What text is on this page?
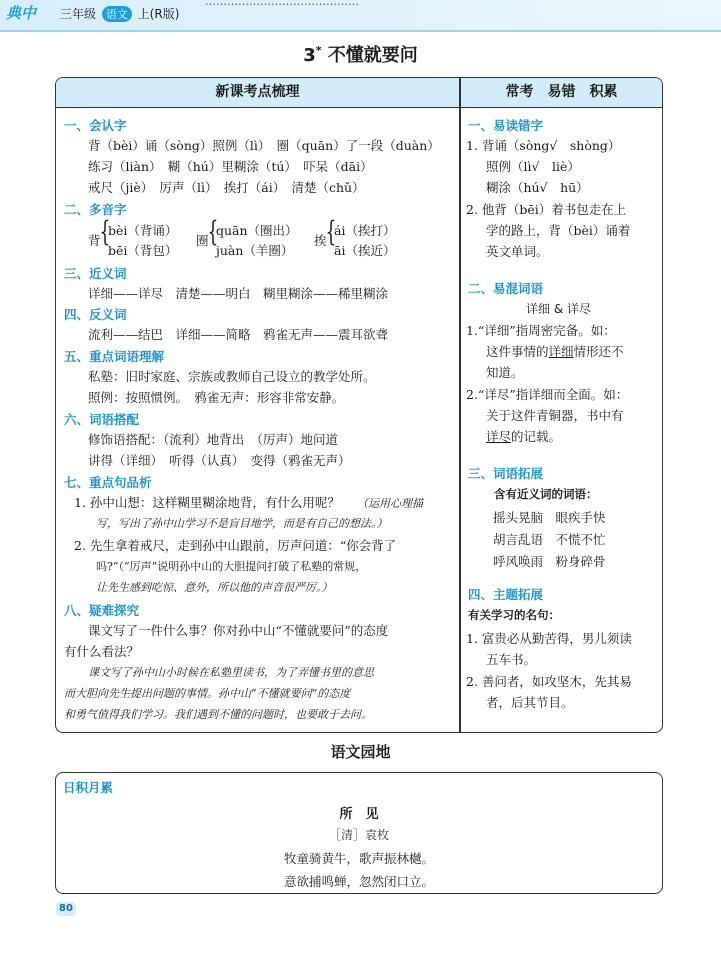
典中 三年级 语文 上(R版)
……………………………………
3* 不懂就要问
新课考点梳理	常考　易错　积累
一、会认字
背（bèi）诵（sòng）照例（lì）　圈（quān）了一段（duàn）
练习（liàn）　糊（hú）里糊涂（tú）　吓呆（dāi）
戒尺（jiè）　厉声（lì）　挨打（ái）　清楚（chǔ）
二、多音字
背 {
bèi（背诵）
bēi（背包）
圈 {
quān（圈出）
juàn（羊圈）
挨 {
ái（挨打）
āi（挨近）
三、近义词
详细——详尽　清楚——明白　糊里糊涂——稀里糊涂
四、反义词
流利——结巴　详细——简略　鸦雀无声——震耳欲聋
五、重点词语理解
私塾：旧时家庭、宗族或教师自己设立的教学处所。
照例：按照惯例。　鸦雀无声：形容非常安静。
六、词语搭配
修饰语搭配：（流利）地背出　（厉声）地问道
讲得（详细）　听得（认真）　变得（鸦雀无声）
七、重点句品析
1. 孙中山想：这样糊里糊涂地背，有什么用呢？ （运用心理描
写，写出了孙中山学习不是盲目地学，而是有自己的想法。）
2. 先生拿着戒尺，走到孙中山跟前，厉声问道：“你会背了
吗?”（“厉声”说明孙中山的大胆提问打破了私塾的常规，
让先生感到吃惊、意外，所以他的声音很严厉。）
八、疑难探究
课文写了一件什么事？你对孙中山“不懂就要问”的态度
有什么看法？
课文写了孙中山小时候在私塾里读书，为了弄懂书里的意思
而大胆向先生提出问题的事情。孙中山“不懂就要问”的态度
和勇气值得我们学习。我们遇到不懂的问题时，也要敢于去问。
一、易读错字
1. 背诵（sòng√　shòng）
照例（lì√　liè）
糊涂（hú√　hū）
2. 他背（bēi）着书包走在上
学的路上，背（bèi）诵着
英文单词。
二、易混词语
详细 & 详尽
1.“详细”指周密完备。如：
这件事情的详细情形还不
知道。
2.“详尽”指详细而全面。如：
关于这件青铜器，书中有
详尽的记载。
三、词语拓展
含有近义词的词语：
摇头晃脑　眼疾手快
胡言乱语　不慌不忙
呼风唤雨　粉身碎骨
四、主题拓展
有关学习的名句：
1. 富贵必从勤苦得，男儿须读
五车书。
2. 善问者，如攻坚木，先其易
者，后其节目。
语文园地
日积月累
所　见
［清］袁枚
牧童骑黄牛，歌声振林樾。
意欲捕鸣蝉，忽然闭口立。
80
